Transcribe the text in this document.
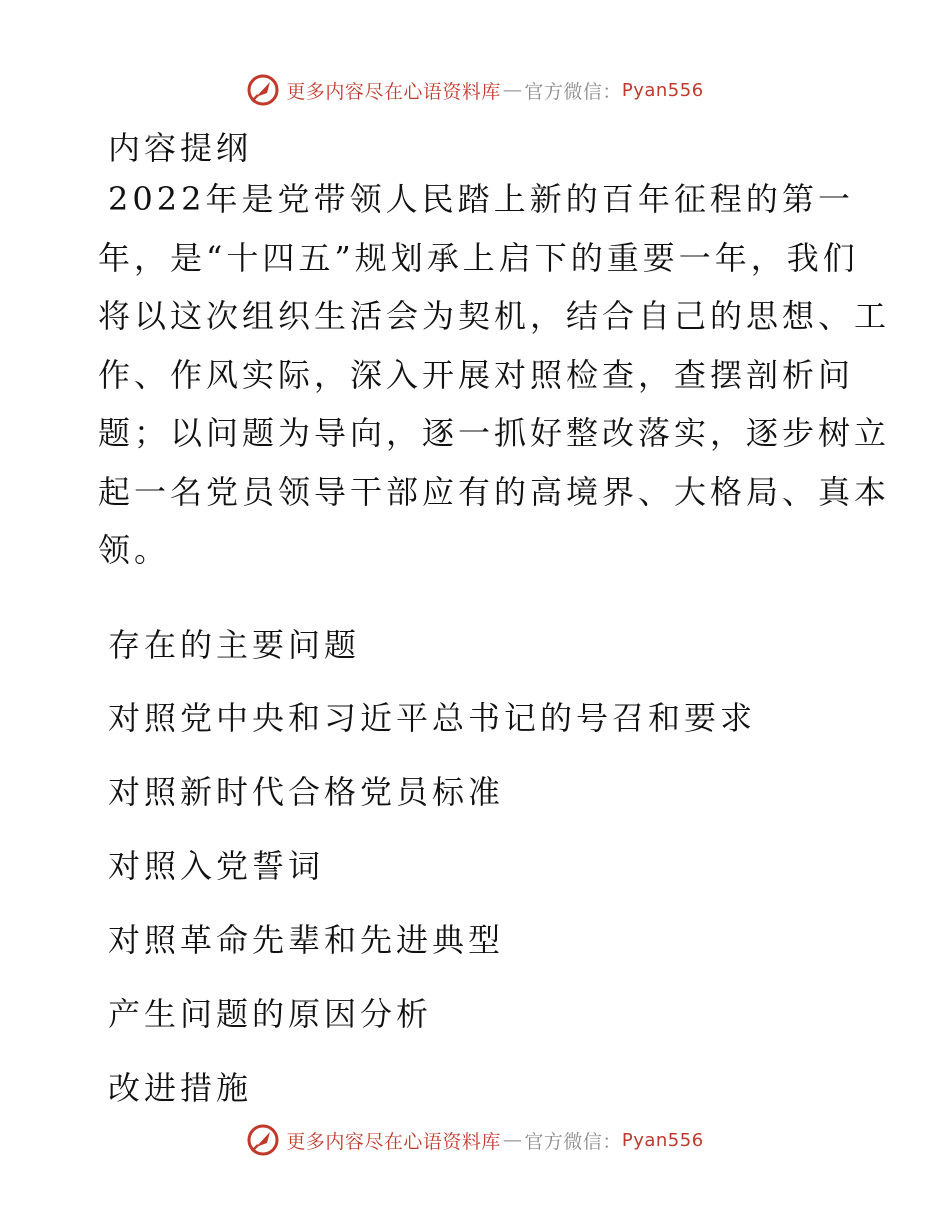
更多内容尽在心语资料库 — 官方微信： Pyan556
内容提纲

2022年是党带领人民踏上新的百年征程的第一
年，是“十四五”规划承上启下的重要一年，我们
将以这次组织生活会为契机，结合自己的思想、工
作、作风实际，深入开展对照检查，查摆剖析问
题；以问题为导向，逐一抓好整改落实，逐步树立
起一名党员领导干部应有的高境界、大格局、真本
领。

存在的主要问题
对照党中央和习近平总书记的号召和要求
对照新时代合格党员标准
对照入党誓词
对照革命先辈和先进典型
产生问题的原因分析
改进措施
更多内容尽在心语资料库 — 官方微信： Pyan556
